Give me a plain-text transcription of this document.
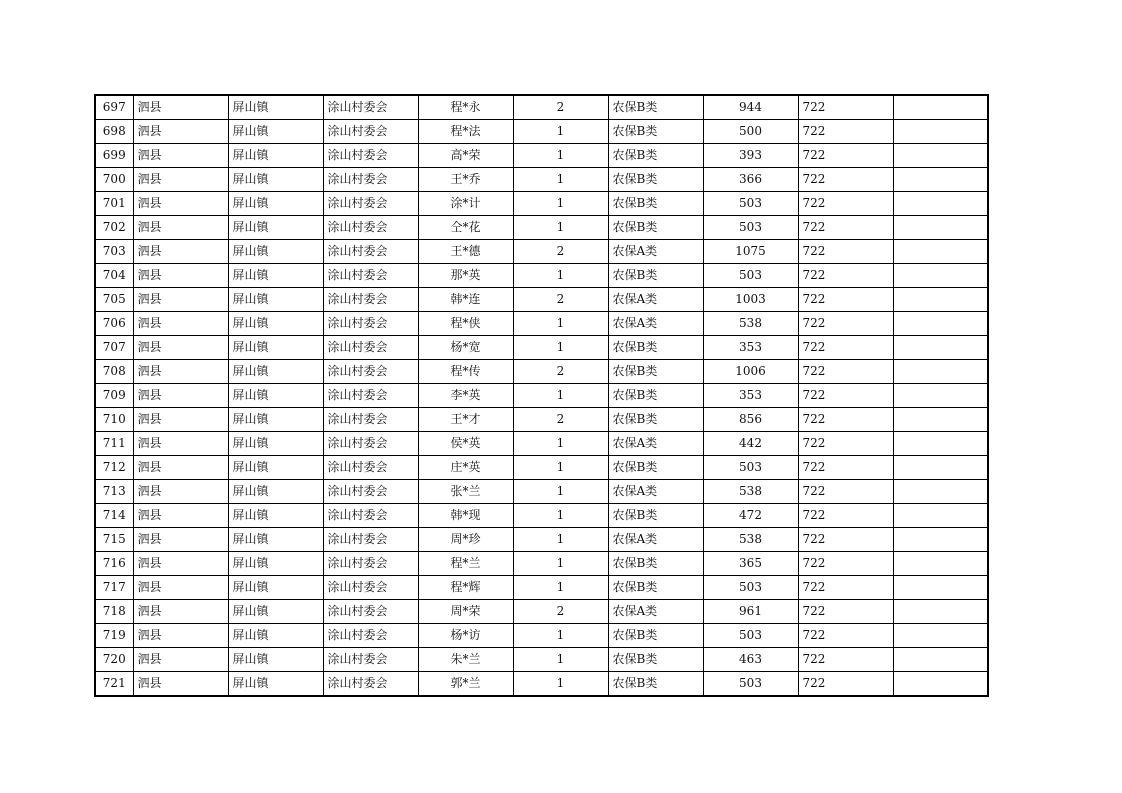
697	泗县	屏山镇	涂山村委会	程*永	2	农保B类	944	722	
698	泗县	屏山镇	涂山村委会	程*法	1	农保B类	500	722	
699	泗县	屏山镇	涂山村委会	高*荣	1	农保B类	393	722	
700	泗县	屏山镇	涂山村委会	王*乔	1	农保B类	366	722	
701	泗县	屏山镇	涂山村委会	涂*计	1	农保B类	503	722	
702	泗县	屏山镇	涂山村委会	仝*花	1	农保B类	503	722	
703	泗县	屏山镇	涂山村委会	王*德	2	农保A类	1075	722	
704	泗县	屏山镇	涂山村委会	那*英	1	农保B类	503	722	
705	泗县	屏山镇	涂山村委会	韩*连	2	农保A类	1003	722	
706	泗县	屏山镇	涂山村委会	程*侠	1	农保A类	538	722	
707	泗县	屏山镇	涂山村委会	杨*宽	1	农保B类	353	722	
708	泗县	屏山镇	涂山村委会	程*传	2	农保B类	1006	722	
709	泗县	屏山镇	涂山村委会	李*英	1	农保B类	353	722	
710	泗县	屏山镇	涂山村委会	王*才	2	农保B类	856	722	
711	泗县	屏山镇	涂山村委会	侯*英	1	农保A类	442	722	
712	泗县	屏山镇	涂山村委会	庄*英	1	农保B类	503	722	
713	泗县	屏山镇	涂山村委会	张*兰	1	农保A类	538	722	
714	泗县	屏山镇	涂山村委会	韩*现	1	农保B类	472	722	
715	泗县	屏山镇	涂山村委会	周*珍	1	农保A类	538	722	
716	泗县	屏山镇	涂山村委会	程*兰	1	农保B类	365	722	
717	泗县	屏山镇	涂山村委会	程*辉	1	农保B类	503	722	
718	泗县	屏山镇	涂山村委会	周*荣	2	农保A类	961	722	
719	泗县	屏山镇	涂山村委会	杨*访	1	农保B类	503	722	
720	泗县	屏山镇	涂山村委会	朱*兰	1	农保B类	463	722	
721	泗县	屏山镇	涂山村委会	郭*兰	1	农保B类	503	722	
